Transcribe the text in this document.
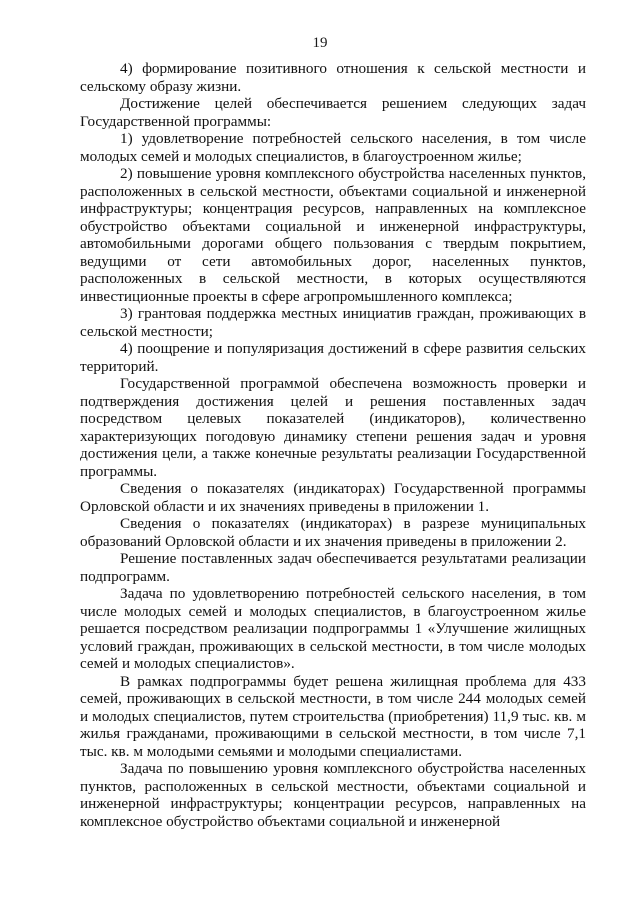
19

4) формирование позитивного отношения к сельской местности и сельскому образу жизни.

Достижение целей обеспечивается решением следующих задач Государственной программы:

1) удовлетворение потребностей сельского населения, в том числе молодых семей и молодых специалистов, в благоустроенном жилье;

2) повышение уровня комплексного обустройства населенных пунктов, расположенных в сельской местности, объектами социальной и инженерной инфраструктуры; концентрация ресурсов, направленных на комплексное обустройство объектами социальной и инженерной инфраструктуры, автомобильными дорогами общего пользования с твердым покрытием, ведущими от сети автомобильных дорог, населенных пунктов, расположенных в сельской местности, в которых осуществляются инвестиционные проекты в сфере агропромышленного комплекса;

3) грантовая поддержка местных инициатив граждан, проживающих в сельской местности;

4) поощрение и популяризация достижений в сфере развития сельских территорий.

Государственной программой обеспечена возможность проверки и подтверждения достижения целей и решения поставленных задач посредством целевых показателей (индикаторов), количественно характеризующих погодовую динамику степени решения задач и уровня достижения цели, а также конечные результаты реализации Государственной программы.

Сведения о показателях (индикаторах) Государственной программы Орловской области и их значениях приведены в приложении 1.

Сведения о показателях (индикаторах) в разрезе муниципальных образований Орловской области и их значения приведены в приложении 2.

Решение поставленных задач обеспечивается результатами реализации подпрограмм.

Задача по удовлетворению потребностей сельского населения, в том числе молодых семей и молодых специалистов, в благоустроенном жилье решается посредством реализации подпрограммы 1 «Улучшение жилищных условий граждан, проживающих в сельской местности, в том числе молодых семей и молодых специалистов».

В рамках подпрограммы будет решена жилищная проблема для 433 семей, проживающих в сельской местности, в том числе 244 молодых семей и молодых специалистов, путем строительства (приобретения) 11,9 тыс. кв. м жилья гражданами, проживающими в сельской местности, в том числе 7,1 тыс. кв. м молодыми семьями и молодыми специалистами.

Задача по повышению уровня комплексного обустройства населенных пунктов, расположенных в сельской местности, объектами социальной и инженерной инфраструктуры; концентрации ресурсов, направленных на комплексное обустройство объектами социальной и инженерной
